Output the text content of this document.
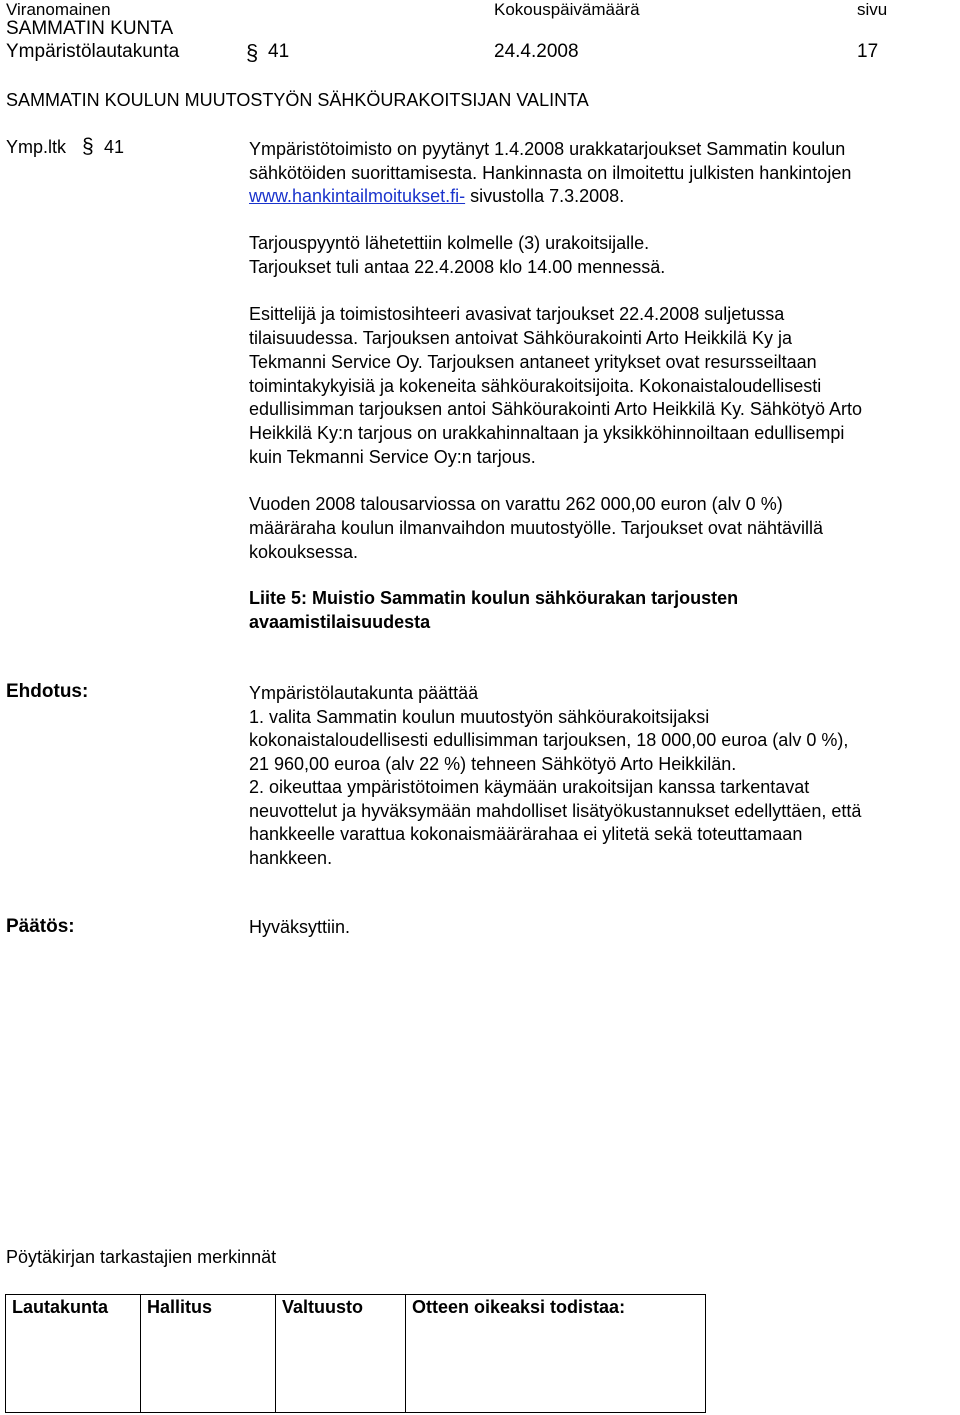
Viranomainen	Kokouspäivämäärä	sivu
SAMMATIN KUNTA
Ympäristölautakunta	§ 41	24.4.2008	17
SAMMATIN KOULUN MUUTOSTYÖN SÄHKÖURAKOITSIJAN VALINTA
Ymp.ltk § 41	Ympäristötoimisto on pyytänyt 1.4.2008 urakkatarjoukset Sammatin koulun
sähkötöiden suorittamisesta. Hankinnasta on ilmoitettu julkisten hankintojen
www.hankintailmoitukset.fi- sivustolla 7.3.2008.
Tarjouspyyntö lähetettiin kolmelle (3) urakoitsijalle.
Tarjoukset tuli antaa 22.4.2008 klo 14.00 mennessä.
Esittelijä ja toimistosihteeri avasivat tarjoukset 22.4.2008 suljetussa
tilaisuudessa. Tarjouksen antoivat Sähköurakointi Arto Heikkilä Ky ja
Tekmanni Service Oy. Tarjouksen antaneet yritykset ovat resursseiltaan
toimintakykyisiä ja kokeneita sähköurakoitsijoita. Kokonaistaloudellisesti
edullisimman tarjouksen antoi Sähköurakointi Arto Heikkilä Ky. Sähkötyö Arto
Heikkilä Ky:n tarjous on urakkahinnaltaan ja yksikköhinnoiltaan edullisempi
kuin Tekmanni Service Oy:n tarjous.
Vuoden 2008 talousarviossa on varattu 262 000,00 euron (alv 0 %)
määräraha koulun ilmanvaihdon muutostyölle. Tarjoukset ovat nähtävillä
kokouksessa.
Liite 5: Muistio Sammatin koulun sähköurakan tarjousten
avaamistilaisuudesta
Ehdotus:	Ympäristölautakunta päättää
1. valita Sammatin koulun muutostyön sähköurakoitsijaksi
kokonaistaloudellisesti edullisimman tarjouksen, 18 000,00 euroa (alv 0 %),
21 960,00 euroa (alv 22 %) tehneen Sähkötyö Arto Heikkilän.
2. oikeuttaa ympäristötoimen käymään urakoitsijan kanssa tarkentavat
neuvottelut ja hyväksymään mahdolliset lisätyökustannukset edellyttäen, että
hankkeelle varattua kokonaismäärärahaa ei ylitetä sekä toteuttamaan
hankkeen.
Päätös:	Hyväksyttiin.
Pöytäkirjan tarkastajien merkinnät
Lautakunta	Hallitus	Valtuusto	Otteen oikeaksi todistaa:
